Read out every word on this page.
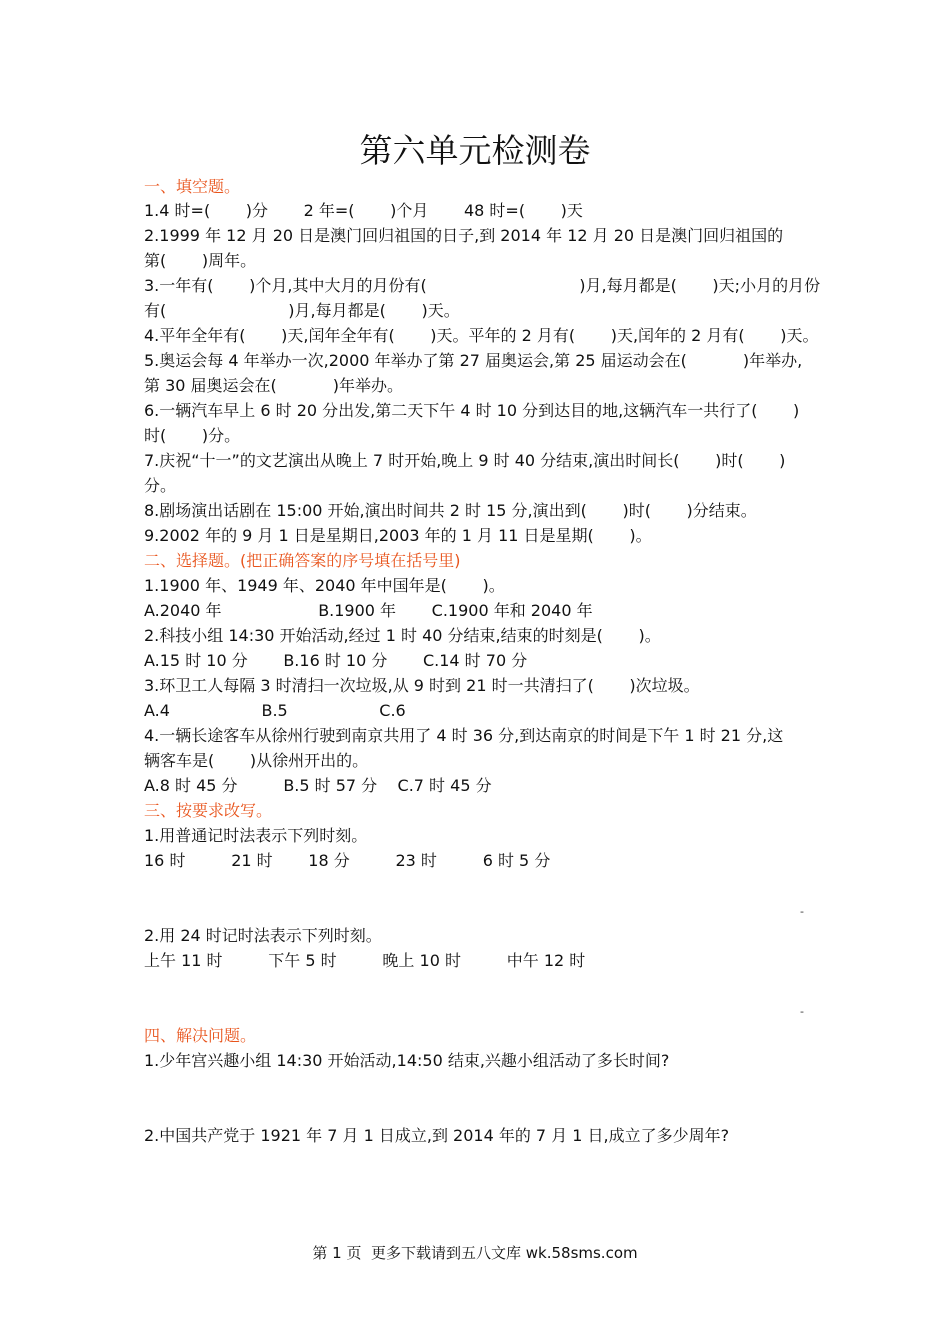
第六单元检测卷
一、填空题。
1.4 时=(       )分       2 年=(       )个月       48 时=(       )天
2.1999 年 12 月 20 日是澳门回归祖国的日子,到 2014 年 12 月 20 日是澳门回归祖国的
第(       )周年。
3.一年有(       )个月,其中大月的月份有(                              )月,每月都是(       )天;小月的月份
有(                        )月,每月都是(       )天。
4.平年全年有(       )天,闰年全年有(       )天。平年的 2 月有(       )天,闰年的 2 月有(       )天。
5.奥运会每 4 年举办一次,2000 年举办了第 27 届奥运会,第 25 届运动会在(           )年举办,
第 30 届奥运会在(           )年举办。
6.一辆汽车早上 6 时 20 分出发,第二天下午 4 时 10 分到达目的地,这辆汽车一共行了(       )
时(       )分。
7.庆祝“十一”的文艺演出从晚上 7 时开始,晚上 9 时 40 分结束,演出时间长(       )时(       )
分。
8.剧场演出话剧在 15:00 开始,演出时间共 2 时 15 分,演出到(       )时(       )分结束。
9.2002 年的 9 月 1 日是星期日,2003 年的 1 月 11 日是星期(       )。
二、选择题。(把正确答案的序号填在括号里)
1.1900 年、1949 年、2040 年中国年是(       )。
A.2040 年                   B.1900 年       C.1900 年和 2040 年
2.科技小组 14:30 开始活动,经过 1 时 40 分结束,结束的时刻是(       )。
A.15 时 10 分       B.16 时 10 分       C.14 时 70 分
3.环卫工人每隔 3 时清扫一次垃圾,从 9 时到 21 时一共清扫了(       )次垃圾。
A.4                  B.5                  C.6
4.一辆长途客车从徐州行驶到南京共用了 4 时 36 分,到达南京的时间是下午 1 时 21 分,这
辆客车是(       )从徐州开出的。
A.8 时 45 分         B.5 时 57 分    C.7 时 45 分
三、按要求改写。
1.用普通记时法表示下列时刻。
16 时         21 时       18 分         23 时         6 时 5 分
-
2.用 24 时记时法表示下列时刻。
上午 11 时         下午 5 时         晚上 10 时         中午 12 时
-
四、解决问题。
1.少年宫兴趣小组 14:30 开始活动,14:50 结束,兴趣小组活动了多长时间?
2.中国共产党于 1921 年 7 月 1 日成立,到 2014 年的 7 月 1 日,成立了多少周年?
第 1 页  更多下载请到五八文库 wk.58sms.com
